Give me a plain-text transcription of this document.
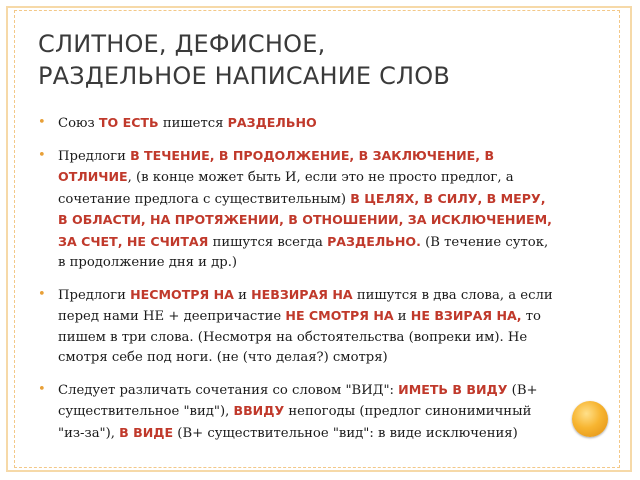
СЛИТНОЕ, ДЕФИСНОЕ,
РАЗДЕЛЬНОЕ НАПИСАНИЕ СЛОВ
• Союз ТО ЕСТЬ пишется РАЗДЕЛЬНО
• Предлоги В ТЕЧЕНИЕ, В ПРОДОЛЖЕНИЕ, В ЗАКЛЮЧЕНИЕ, В ОТЛИЧИЕ, (в конце может быть И, если это не просто предлог, а сочетание предлога с существительным) В ЦЕЛЯХ, В СИЛУ, В МЕРУ, В ОБЛАСТИ, НА ПРОТЯЖЕНИИ, В ОТНОШЕНИИ, ЗА ИСКЛЮЧЕНИЕМ, ЗА СЧЕТ, НЕ СЧИТАЯ пишутся всегда РАЗДЕЛЬНО. (В течение суток, в продолжение дня и др.)
• Предлоги НЕСМОТРЯ НА и НЕВЗИРАЯ НА пишутся в два слова, а если перед нами НЕ + деепричастие НЕ СМОТРЯ НА и НЕ ВЗИРАЯ НА, то пишем в три слова. (Несмотря на обстоятельства (вопреки им). Не смотря себе под ноги. (не (что делая?) смотря)
• Следует различать сочетания со словом "ВИД": ИМЕТЬ В ВИДУ (В+ существительное "вид"), ВВИДУ непогоды (предлог синонимичный "из-за"), В ВИДЕ (В+ существительное "вид": в виде исключения)
